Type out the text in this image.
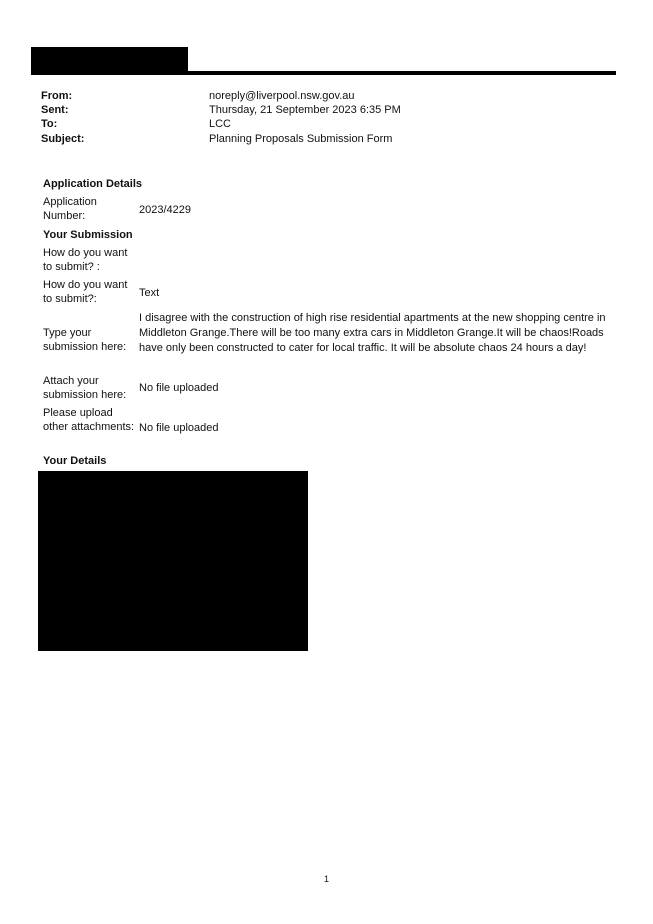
From:	noreply@liverpool.nsw.gov.au
Sent:	Thursday, 21 September 2023 6:35 PM
To:	LCC
Subject:	Planning Proposals Submission Form
Application Details
Application Number:	2023/4229
Your Submission
How do you want to submit? :
How do you want to submit?:	Text
Type your submission here:
I disagree with the construction of high rise residential apartments at the new shopping centre in Middleton Grange.There will be too many extra cars in Middleton Grange.It will be chaos!Roads have only been constructed to cater for local traffic. It will be absolute chaos 24 hours a day!
Attach your submission here:
No file uploaded
Please upload other attachments: No file uploaded
Your Details
1
